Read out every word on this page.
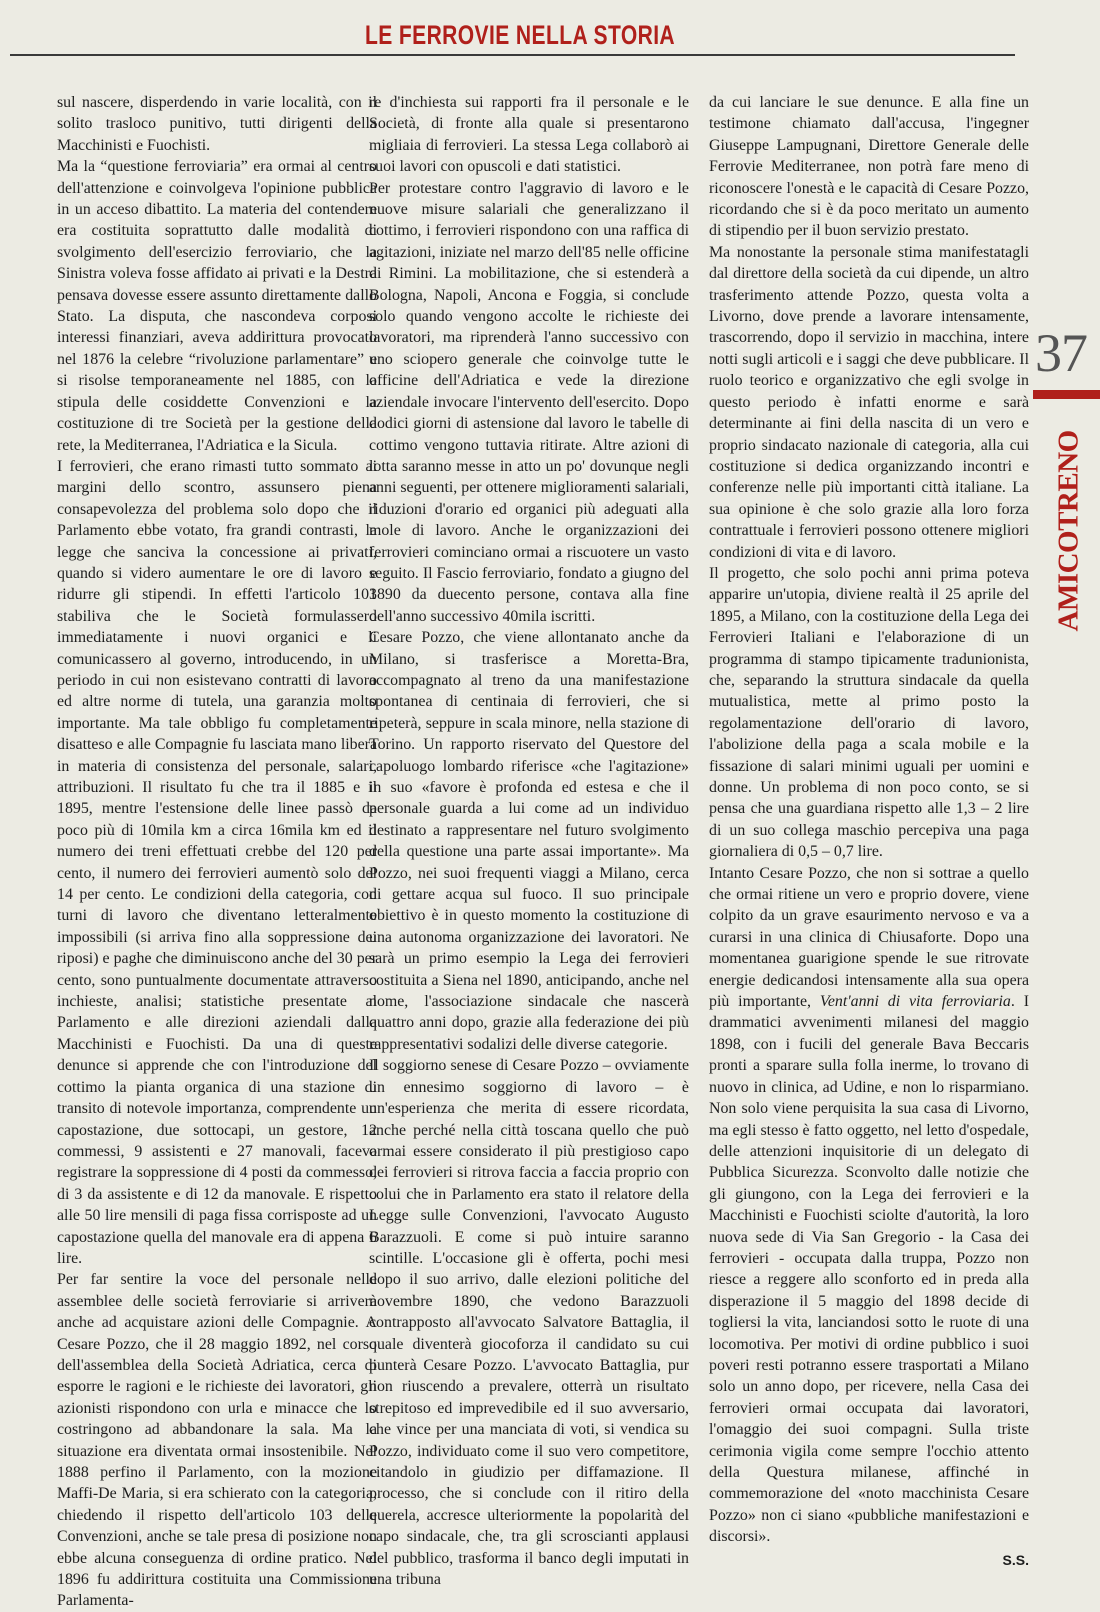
LE FERROVIE NELLA STORIA

sul nascere, disperdendo in varie località, con il solito trasloco punitivo, tutti dirigenti della Macchinisti e Fuochisti.

Ma la “questione ferroviaria” era ormai al centro dell'attenzione e coinvolgeva l'opinione pubblica in un acceso dibattito. La materia del contendere era costituita soprattutto dalle modalità di svolgimento dell'esercizio ferroviario, che la Sinistra voleva fosse affidato ai privati e la Destra pensava dovesse essere assunto direttamente dallo Stato. La disputa, che nascondeva corposi interessi finanziari, aveva addirittura provocato nel 1876 la celebre “rivoluzione parlamentare” e si risolse temporaneamente nel 1885, con la stipula delle cosiddette Convenzioni e la costituzione di tre Società per la gestione della rete, la Mediterranea, l'Adriatica e la Sicula.

I ferrovieri, che erano rimasti tutto sommato ai margini dello scontro, assunsero piena consapevolezza del problema solo dopo che il Parlamento ebbe votato, fra grandi contrasti, la legge che sanciva la concessione ai privati, quando si videro aumentare le ore di lavoro e ridurre gli stipendi. In effetti l'articolo 103 stabiliva che le Società formulassero immediatamente i nuovi organici e li comunicassero al governo, introducendo, in un periodo in cui non esistevano contratti di lavoro ed altre norme di tutela, una garanzia molto importante. Ma tale obbligo fu completamente disatteso e alle Compagnie fu lasciata mano libera in materia di consistenza del personale, salari, attribuzioni. Il risultato fu che tra il 1885 e il 1895, mentre l'estensione delle linee passò da poco più di 10mila km a circa 16mila km ed il numero dei treni effettuati crebbe del 120 per cento, il numero dei ferrovieri aumentò solo del 14 per cento. Le condizioni della categoria, con turni di lavoro che diventano letteralmente impossibili (si arriva fino alla soppressione dei riposi) e paghe che diminuiscono anche del 30 per cento, sono puntualmente documentate attraverso inchieste, analisi; statistiche presentate al Parlamento e alle direzioni aziendali dalla Macchinisti e Fuochisti. Da una di queste denunce si apprende che con l'introduzione del cottimo la pianta organica di una stazione di transito di notevole importanza, comprendente un capostazione, due sottocapi, un gestore, 12 commessi, 9 assistenti e 27 manovali, faceva registrare la soppressione di 4 posti da commesso, di 3 da assistente e di 12 da manovale. E rispetto alle 50 lire mensili di paga fissa corrisposte ad un capostazione quella del manovale era di appena 6 lire.

Per far sentire la voce del personale nelle assemblee delle società ferroviarie si arriverà anche ad acquistare azioni delle Compagnie. A Cesare Pozzo, che il 28 maggio 1892, nel corso dell'assemblea della Società Adriatica, cerca di esporre le ragioni e le richieste dei lavoratori, gli azionisti rispondono con urla e minacce che lo costringono ad abbandonare la sala. Ma la situazione era diventata ormai insostenibile. Nel 1888 perfino il Parlamento, con la mozione Maffi-De Maria, si era schierato con la categoria, chiedendo il rispetto dell'articolo 103 delle Convenzioni, anche se tale presa di posizione non ebbe alcuna conseguenza di ordine pratico. Nel 1896 fu addirittura costituita una Commissione Parlamenta-

re d'inchiesta sui rapporti fra il personale e le Società, di fronte alla quale si presentarono migliaia di ferrovieri. La stessa Lega collaborò ai suoi lavori con opuscoli e dati statistici.

Per protestare contro l'aggravio di lavoro e le nuove misure salariali che generalizzano il cottimo, i ferrovieri rispondono con una raffica di agitazioni, iniziate nel marzo dell'85 nelle officine di Rimini. La mobilitazione, che si estenderà a Bologna, Napoli, Ancona e Foggia, si conclude solo quando vengono accolte le richieste dei lavoratori, ma riprenderà l'anno successivo con uno sciopero generale che coinvolge tutte le officine dell'Adriatica e vede la direzione aziendale invocare l'intervento dell'esercito. Dopo dodici giorni di astensione dal lavoro le tabelle di cottimo vengono tuttavia ritirate. Altre azioni di lotta saranno messe in atto un po' dovunque negli anni seguenti, per ottenere miglioramenti salariali, riduzioni d'orario ed organici più adeguati alla mole di lavoro. Anche le organizzazioni dei ferrovieri cominciano ormai a riscuotere un vasto seguito. Il Fascio ferroviario, fondato a giugno del 1890 da duecento persone, contava alla fine dell'anno successivo 40mila iscritti.

Cesare Pozzo, che viene allontanato anche da Milano, si trasferisce a Moretta-Bra, accompagnato al treno da una manifestazione spontanea di centinaia di ferrovieri, che si ripeterà, seppure in scala minore, nella stazione di Torino. Un rapporto riservato del Questore del capoluogo lombardo riferisce «che l'agitazione» in suo «favore è profonda ed estesa e che il personale guarda a lui come ad un individuo destinato a rappresentare nel futuro svolgimento della questione una parte assai importante». Ma Pozzo, nei suoi frequenti viaggi a Milano, cerca di gettare acqua sul fuoco. Il suo principale obiettivo è in questo momento la costituzione di una autonoma organizzazione dei lavoratori. Ne sarà un primo esempio la Lega dei ferrovieri costituita a Siena nel 1890, anticipando, anche nel nome, l'associazione sindacale che nascerà quattro anni dopo, grazie alla federazione dei più rappresentativi sodalizi delle diverse categorie.

Il soggiorno senese di Cesare Pozzo – ovviamente un ennesimo soggiorno di lavoro – è un'esperienza che merita di essere ricordata, anche perché nella città toscana quello che può ormai essere considerato il più prestigioso capo dei ferrovieri si ritrova faccia a faccia proprio con colui che in Parlamento era stato il relatore della Legge sulle Convenzioni, l'avvocato Augusto Barazzuoli. E come si può intuire saranno scintille. L'occasione gli è offerta, pochi mesi dopo il suo arrivo, dalle elezioni politiche del novembre 1890, che vedono Barazzuoli contrapposto all'avvocato Salvatore Battaglia, il quale diventerà giocoforza il candidato su cui punterà Cesare Pozzo. L'avvocato Battaglia, pur non riuscendo a prevalere, otterrà un risultato strepitoso ed imprevedibile ed il suo avversario, che vince per una manciata di voti, si vendica su Pozzo, individuato come il suo vero competitore, citandolo in giudizio per diffamazione. Il processo, che si conclude con il ritiro della querela, accresce ulteriormente la popolarità del capo sindacale, che, tra gli scroscianti applausi del pubblico, trasforma il banco degli imputati in una tribuna

da cui lanciare le sue denunce. E alla fine un testimone chiamato dall'accusa, l'ingegner Giuseppe Lampugnani, Direttore Generale delle Ferrovie Mediterranee, non potrà fare meno di riconoscere l'onestà e le capacità di Cesare Pozzo, ricordando che si è da poco meritato un aumento di stipendio per il buon servizio prestato.

Ma nonostante la personale stima manifestatagli dal direttore della società da cui dipende, un altro trasferimento attende Pozzo, questa volta a Livorno, dove prende a lavorare intensamente, trascorrendo, dopo il servizio in macchina, intere notti sugli articoli e i saggi che deve pubblicare. Il ruolo teorico e organizzativo che egli svolge in questo periodo è infatti enorme e sarà determinante ai fini della nascita di un vero e proprio sindacato nazionale di categoria, alla cui costituzione si dedica organizzando incontri e conferenze nelle più importanti città italiane. La sua opinione è che solo grazie alla loro forza contrattuale i ferrovieri possono ottenere migliori condizioni di vita e di lavoro.

Il progetto, che solo pochi anni prima poteva apparire un'utopia, diviene realtà il 25 aprile del 1895, a Milano, con la costituzione della Lega dei Ferrovieri Italiani e l'elaborazione di un programma di stampo tipicamente tradunionista, che, separando la struttura sindacale da quella mutualistica, mette al primo posto la regolamentazione dell'orario di lavoro, l'abolizione della paga a scala mobile e la fissazione di salari minimi uguali per uomini e donne. Un problema di non poco conto, se si pensa che una guardiana rispetto alle 1,3 – 2 lire di un suo collega maschio percepiva una paga giornaliera di 0,5 – 0,7 lire.

Intanto Cesare Pozzo, che non si sottrae a quello che ormai ritiene un vero e proprio dovere, viene colpito da un grave esaurimento nervoso e va a curarsi in una clinica di Chiusaforte. Dopo una momentanea guarigione spende le sue ritrovate energie dedicandosi intensamente alla sua opera più importante, Vent'anni di vita ferroviaria. I drammatici avvenimenti milanesi del maggio 1898, con i fucili del generale Bava Beccaris pronti a sparare sulla folla inerme, lo trovano di nuovo in clinica, ad Udine, e non lo risparmiano. Non solo viene perquisita la sua casa di Livorno, ma egli stesso è fatto oggetto, nel letto d'ospedale, delle attenzioni inquisitorie di un delegato di Pubblica Sicurezza. Sconvolto dalle notizie che gli giungono, con la Lega dei ferrovieri e la Macchinisti e Fuochisti sciolte d'autorità, la loro nuova sede di Via San Gregorio - la Casa dei ferrovieri - occupata dalla truppa, Pozzo non riesce a reggere allo sconforto ed in preda alla disperazione il 5 maggio del 1898 decide di togliersi la vita, lanciandosi sotto le ruote di una locomotiva. Per motivi di ordine pubblico i suoi poveri resti potranno essere trasportati a Milano solo un anno dopo, per ricevere, nella Casa dei ferrovieri ormai occupata dai lavoratori, l'omaggio dei suoi compagni. Sulla triste cerimonia vigila come sempre l'occhio attento della Questura milanese, affinché in commemorazione del «noto macchinista Cesare Pozzo» non ci siano «pubbliche manifestazioni e discorsi».

S.S.
37
AMICOTRENO
